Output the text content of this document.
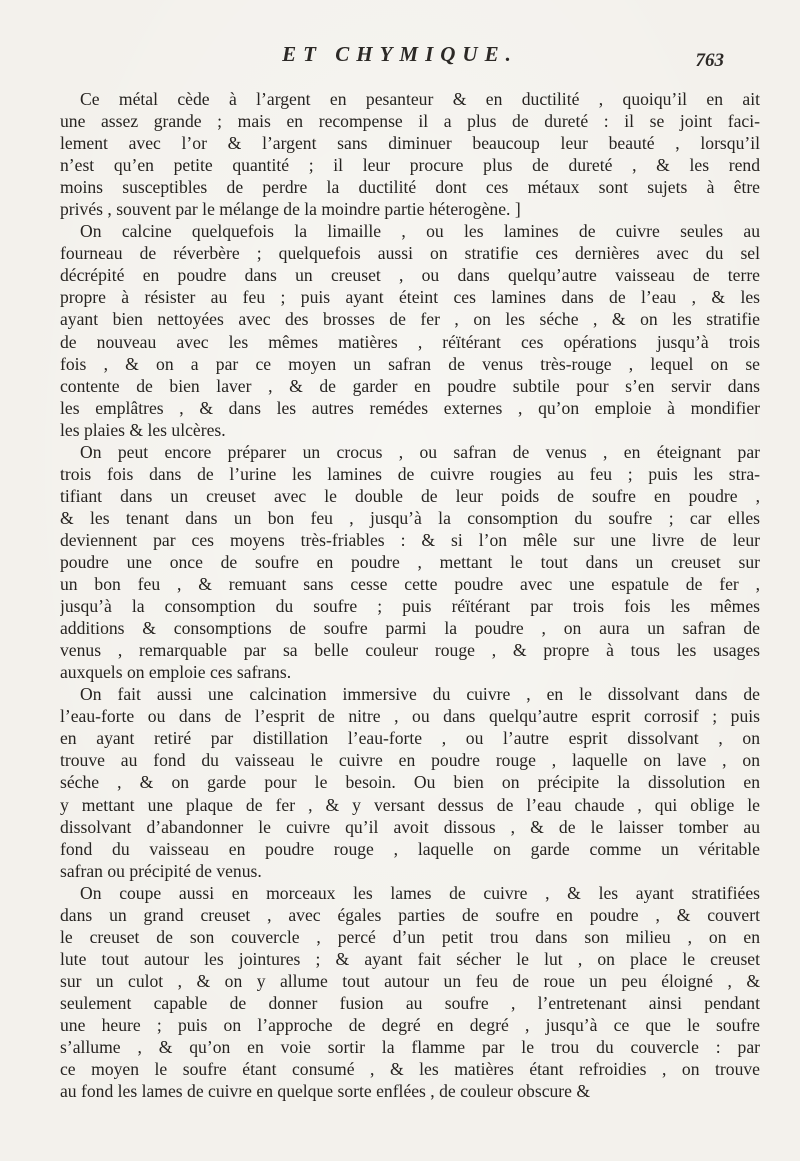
ET CHYMIQUE.	763
Ce métal cède à l’argent en pesanteur & en ductilité , quoiqu’il en ait
une assez grande ; mais en recompense il a plus de dureté : il se joint faci-
lement avec l’or & l’argent sans diminuer beaucoup leur beauté , lorsqu’il
n’est qu’en petite quantité ; il leur procure plus de dureté , & les rend
moins susceptibles de perdre la ductilité dont ces métaux sont sujets à être
privés , souvent par le mélange de la moindre partie héterogène. ]
On calcine quelquefois la limaille , ou les lamines de cuivre seules au
fourneau de réverbère ; quelquefois aussi on stratifie ces dernières avec du sel
décrépité en poudre dans un creuset , ou dans quelqu’autre vaisseau de terre
propre à résister au feu ; puis ayant éteint ces lamines dans de l’eau , & les
ayant bien nettoyées avec des brosses de fer , on les séche , & on les stratifie
de nouveau avec les mêmes matières , réïtérant ces opérations jusqu’à trois
fois , & on a par ce moyen un safran de venus très-rouge , lequel on se
contente de bien laver , & de garder en poudre subtile pour s’en servir dans
les emplâtres , & dans les autres remédes externes , qu’on emploie à mondifier
les plaies & les ulcères.
On peut encore préparer un crocus , ou safran de venus , en éteignant par
trois fois dans de l’urine les lamines de cuivre rougies au feu ; puis les stra-
tifiant dans un creuset avec le double de leur poids de soufre en poudre ,
& les tenant dans un bon feu , jusqu’à la consomption du soufre ; car elles
deviennent par ces moyens très-friables : & si l’on mêle sur une livre de leur
poudre une once de soufre en poudre , mettant le tout dans un creuset sur
un bon feu , & remuant sans cesse cette poudre avec une espatule de fer ,
jusqu’à la consomption du soufre ; puis réïtérant par trois fois les mêmes
additions & consomptions de soufre parmi la poudre , on aura un safran de
venus , remarquable par sa belle couleur rouge , & propre à tous les usages
auxquels on emploie ces safrans.
On fait aussi une calcination immersive du cuivre , en le dissolvant dans de
l’eau-forte ou dans de l’esprit de nitre , ou dans quelqu’autre esprit corrosif ; puis
en ayant retiré par distillation l’eau-forte , ou l’autre esprit dissolvant , on
trouve au fond du vaisseau le cuivre en poudre rouge , laquelle on lave , on
séche , & on garde pour le besoin. Ou bien on précipite la dissolution en
y mettant une plaque de fer , & y versant dessus de l’eau chaude , qui oblige le
dissolvant d’abandonner le cuivre qu’il avoit dissous , & de le laisser tomber au
fond du vaisseau en poudre rouge , laquelle on garde comme un véritable
safran ou précipité de venus.
On coupe aussi en morceaux les lames de cuivre , & les ayant stratifiées
dans un grand creuset , avec égales parties de soufre en poudre , & couvert
le creuset de son couvercle , percé d’un petit trou dans son milieu , on en
lute tout autour les jointures ; & ayant fait sécher le lut , on place le creuset
sur un culot , & on y allume tout autour un feu de roue un peu éloigné , &
seulement capable de donner fusion au soufre , l’entretenant ainsi pendant
une heure ; puis on l’approche de degré en degré , jusqu’à ce que le soufre
s’allume , & qu’on en voie sortir la flamme par le trou du couvercle : par
ce moyen le soufre étant consumé , & les matières étant refroidies , on trouve
au fond les lames de cuivre en quelque sorte enflées , de couleur obscure &
